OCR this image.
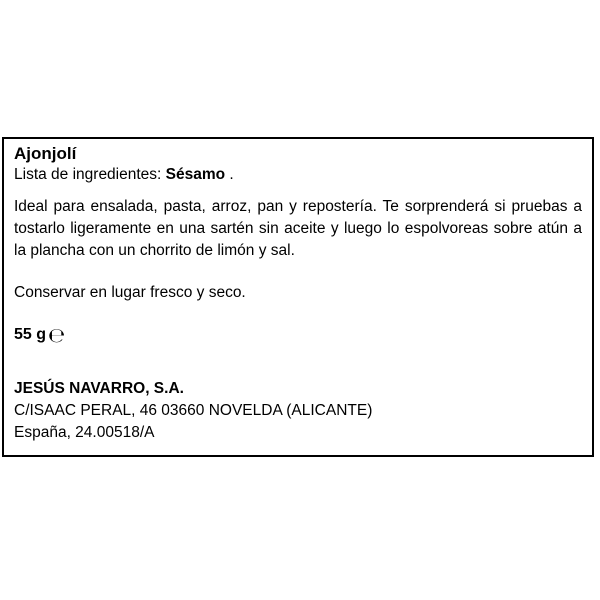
Ajonjolí

Lista de ingredientes: Sésamo .

Ideal para ensalada, pasta, arroz, pan y repostería. Te sorprenderá si pruebas a tostarlo ligeramente en una sartén sin aceite y luego lo espolvoreas sobre atún a la plancha con un chorrito de limón y sal.

Conservar en lugar fresco y seco.

55 g ℮

JESÚS NAVARRO, S.A.

C/ISAAC PERAL, 46 03660 NOVELDA (ALICANTE)

España, 24.00518/A
